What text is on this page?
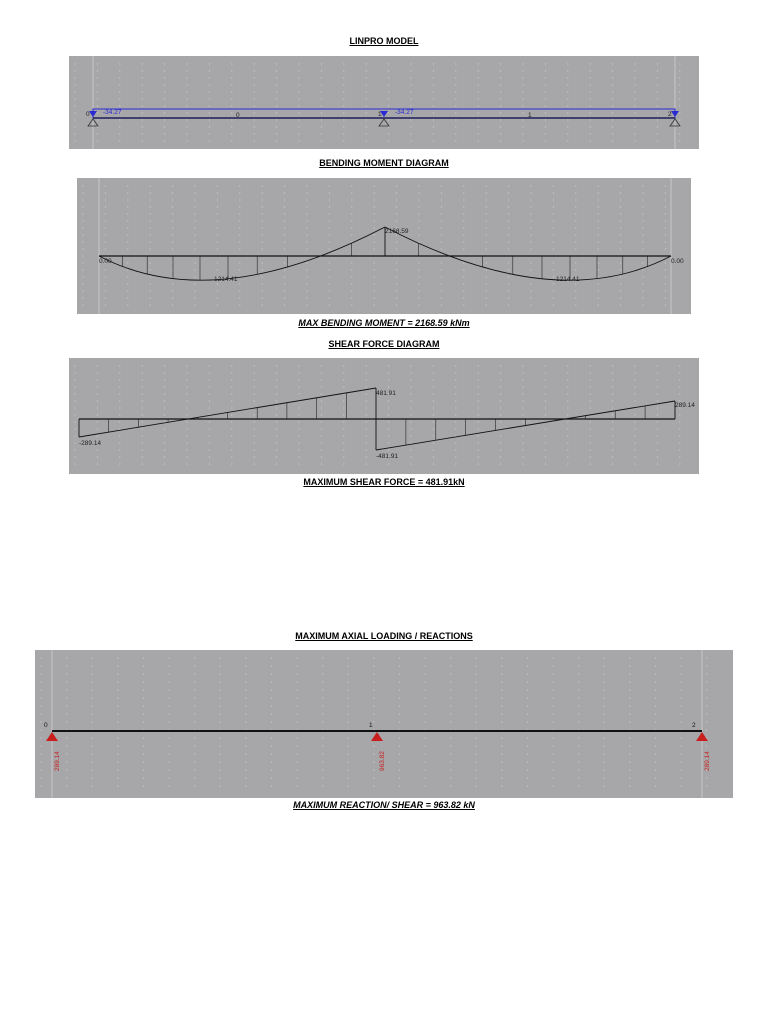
LINPRO MODEL
0	1	2
0	1
-34.27	-34.27
BENDING MOMENT DIAGRAM
0.00	0.00
2168.59
1214.41	1214.41
MAX BENDING MOMENT = 2168.59 kNm
SHEAR FORCE DIAGRAM
-289.14
289.14
481.91
-481.91
MAXIMUM SHEAR FORCE = 481.91kN
MAXIMUM AXIAL LOADING / REACTIONS
0	1	2
289.14	963.82	289.14
MAXIMUM REACTION/ SHEAR = 963.82 kN
